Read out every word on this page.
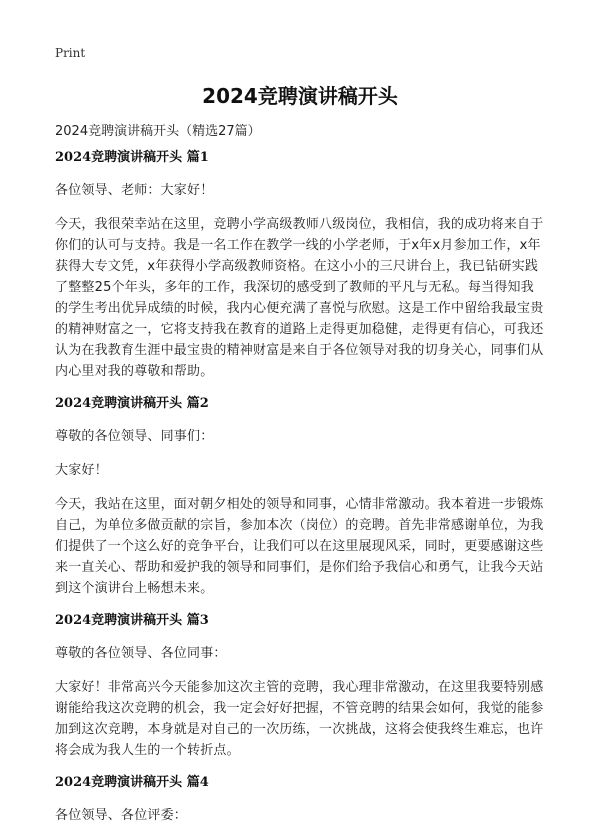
Print
2024竞聘演讲稿开头
2024竞聘演讲稿开头（精选27篇）
2024竞聘演讲稿开头 篇1

各位领导、老师：大家好！

今天，我很荣幸站在这里，竞聘小学高级教师八级岗位，我相信，我的成功将来自于你们的认可与支持。我是一名工作在教学一线的小学老师，于x年x月参加工作，x年获得大专文凭，x年获得小学高级教师资格。在这小小的三尺讲台上，我已钻研实践了整整25个年头，多年的工作，我深切的感受到了教师的平凡与无私。每当得知我的学生考出优异成绩的时候，我内心便充满了喜悦与欣慰。这是工作中留给我最宝贵的精神财富之一，它将支持我在教育的道路上走得更加稳健，走得更有信心，可我还认为在我教育生涯中最宝贵的精神财富是来自于各位领导对我的切身关心，同事们从内心里对我的尊敬和帮助。

2024竞聘演讲稿开头 篇2

尊敬的各位领导、同事们：

大家好！

今天，我站在这里，面对朝夕相处的领导和同事，心情非常激动。我本着进一步锻炼自己，为单位多做贡献的宗旨，参加本次（岗位）的竞聘。首先非常感谢单位，为我们提供了一个这么好的竞争平台，让我们可以在这里展现风采，同时，更要感谢这些来一直关心、帮助和爱护我的领导和同事们，是你们给予我信心和勇气，让我今天站到这个演讲台上畅想未来。

2024竞聘演讲稿开头 篇3

尊敬的各位领导、各位同事：

大家好！非常高兴今天能参加这次主管的竞聘，我心理非常激动，在这里我要特别感谢能给我这次竞聘的机会，我一定会好好把握，不管竞聘的结果会如何，我觉的能参加到这次竞聘，本身就是对自己的一次历练，一次挑战，这将会使我终生难忘，也许将会成为我人生的一个转折点。

2024竞聘演讲稿开头 篇4

各位领导、各位评委：
